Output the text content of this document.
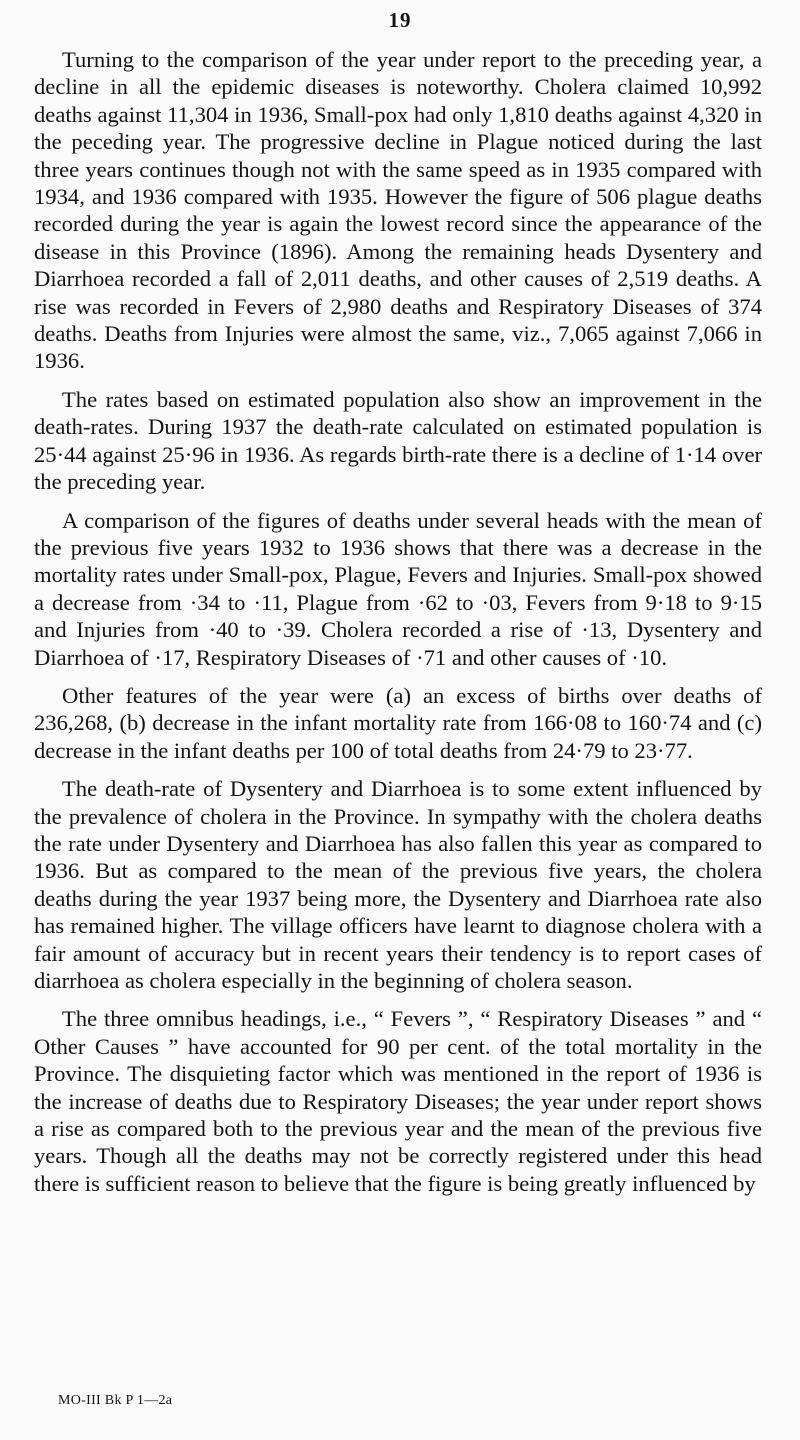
19

Turning to the comparison of the year under report to the preceding year, a decline in all the epidemic diseases is noteworthy. Cholera claimed 10,992 deaths against 11,304 in 1936, Small-pox had only 1,810 deaths against 4,320 in the peceding year. The progressive decline in Plague noticed during the last three years continues though not with the same speed as in 1935 compared with 1934, and 1936 compared with 1935. However the figure of 506 plague deaths recorded during the year is again the lowest record since the appearance of the disease in this Province (1896). Among the remaining heads Dysentery and Diarrhoea recorded a fall of 2,011 deaths, and other causes of 2,519 deaths. A rise was recorded in Fevers of 2,980 deaths and Respiratory Diseases of 374 deaths. Deaths from Injuries were almost the same, viz., 7,065 against 7,066 in 1936.

The rates based on estimated population also show an improvement in the death-rates. During 1937 the death-rate calculated on estimated population is 25·44 against 25·96 in 1936. As regards birth-rate there is a decline of 1·14 over the preceding year.

A comparison of the figures of deaths under several heads with the mean of the previous five years 1932 to 1936 shows that there was a decrease in the mortality rates under Small-pox, Plague, Fevers and Injuries. Small-pox showed a decrease from ·34 to ·11, Plague from ·62 to ·03, Fevers from 9·18 to 9·15 and Injuries from ·40 to ·39. Cholera recorded a rise of ·13, Dysentery and Diarrhoea of ·17, Respiratory Diseases of ·71 and other causes of ·10.

Other features of the year were (a) an excess of births over deaths of 236,268, (b) decrease in the infant mortality rate from 166·08 to 160·74 and (c) decrease in the infant deaths per 100 of total deaths from 24·79 to 23·77.

The death-rate of Dysentery and Diarrhoea is to some extent influenced by the prevalence of cholera in the Province. In sympathy with the cholera deaths the rate under Dysentery and Diarrhoea has also fallen this year as compared to 1936. But as compared to the mean of the previous five years, the cholera deaths during the year 1937 being more, the Dysentery and Diarrhoea rate also has remained higher. The village officers have learnt to diagnose cholera with a fair amount of accuracy but in recent years their tendency is to report cases of diarrhoea as cholera especially in the beginning of cholera season.

The three omnibus headings, i.e., “ Fevers ”, “ Respiratory Diseases ” and “ Other Causes ” have accounted for 90 per cent. of the total mortality in the Province. The disquieting factor which was mentioned in the report of 1936 is the increase of deaths due to Respiratory Diseases; the year under report shows a rise as compared both to the previous year and the mean of the previous five years. Though all the deaths may not be correctly registered under this head there is sufficient reason to believe that the figure is being greatly influenced by

MO-III Bk P 1—2a
